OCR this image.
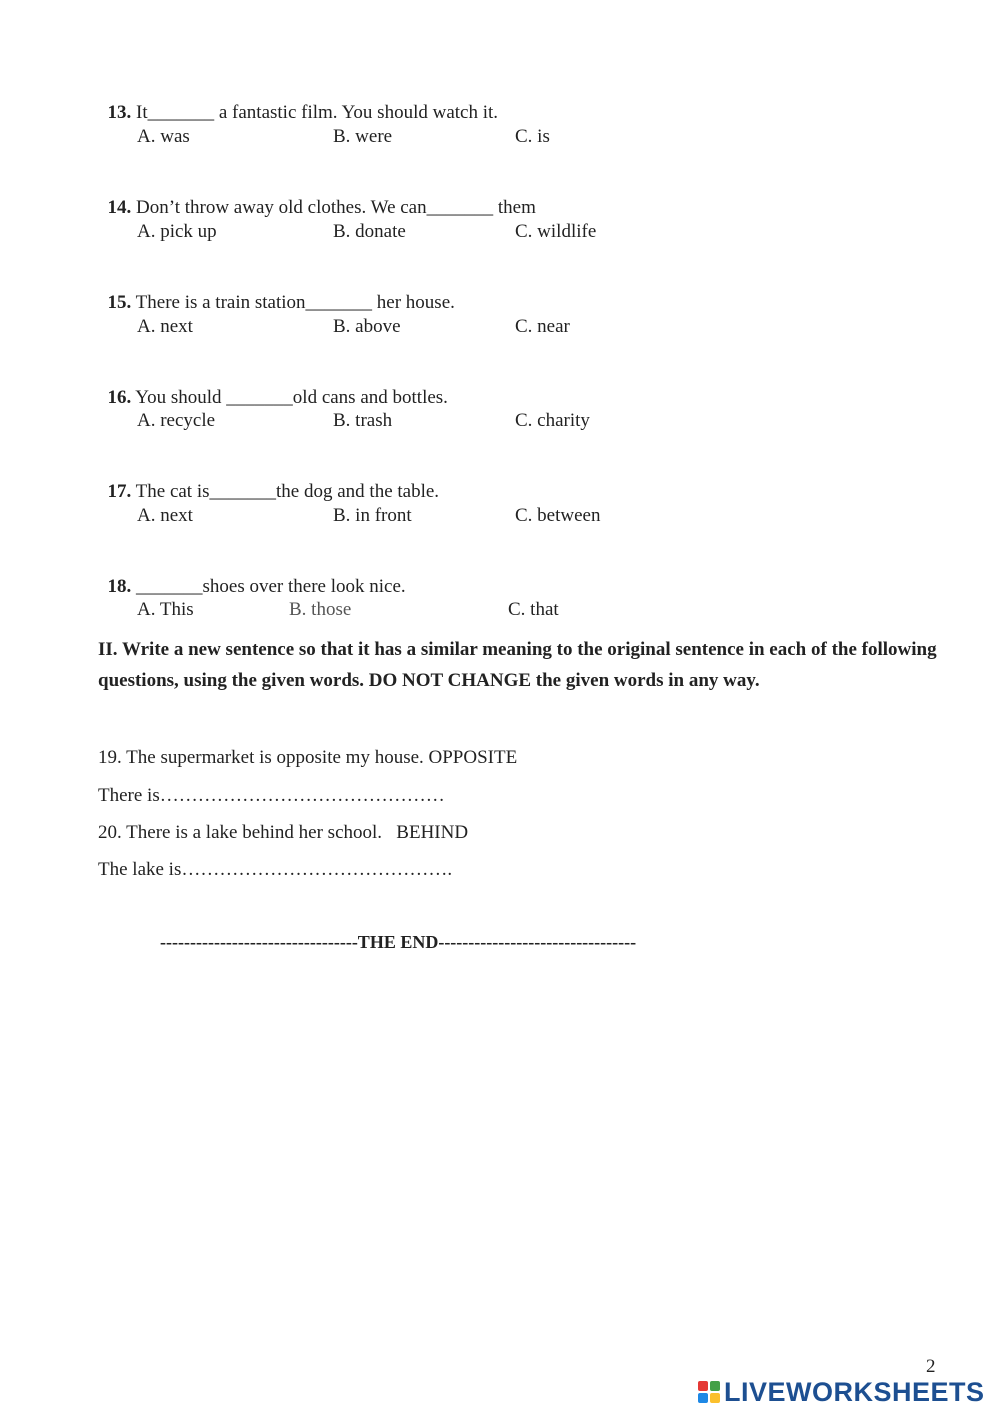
13. It_______ a fantastic film. You should watch it.

A. was	B. were	C. is

14. Don’t throw away old clothes. We can_______ them

A. pick up	B. donate	C. wildlife

15. There is a train station_______ her house.

A. next	B. above	C. near

16. You should _______old cans and bottles.

A. recycle	B. trash	C. charity

17. The cat is_______the dog and the table.

A. next	B. in front	C. between

18. _______shoes over there look nice.

A. This	B. those	C. that
II. Write a new sentence so that it has a similar meaning to the original sentence in each of the following questions, using the given words. DO NOT CHANGE the given words in any way.
19. The supermarket is opposite my house. OPPOSITE
There is………………………………………
20. There is a lake behind her school.   BEHIND
The lake is…………………………………….
---------------------------------THE END---------------------------------
2
LIVEWORKSHEETS
